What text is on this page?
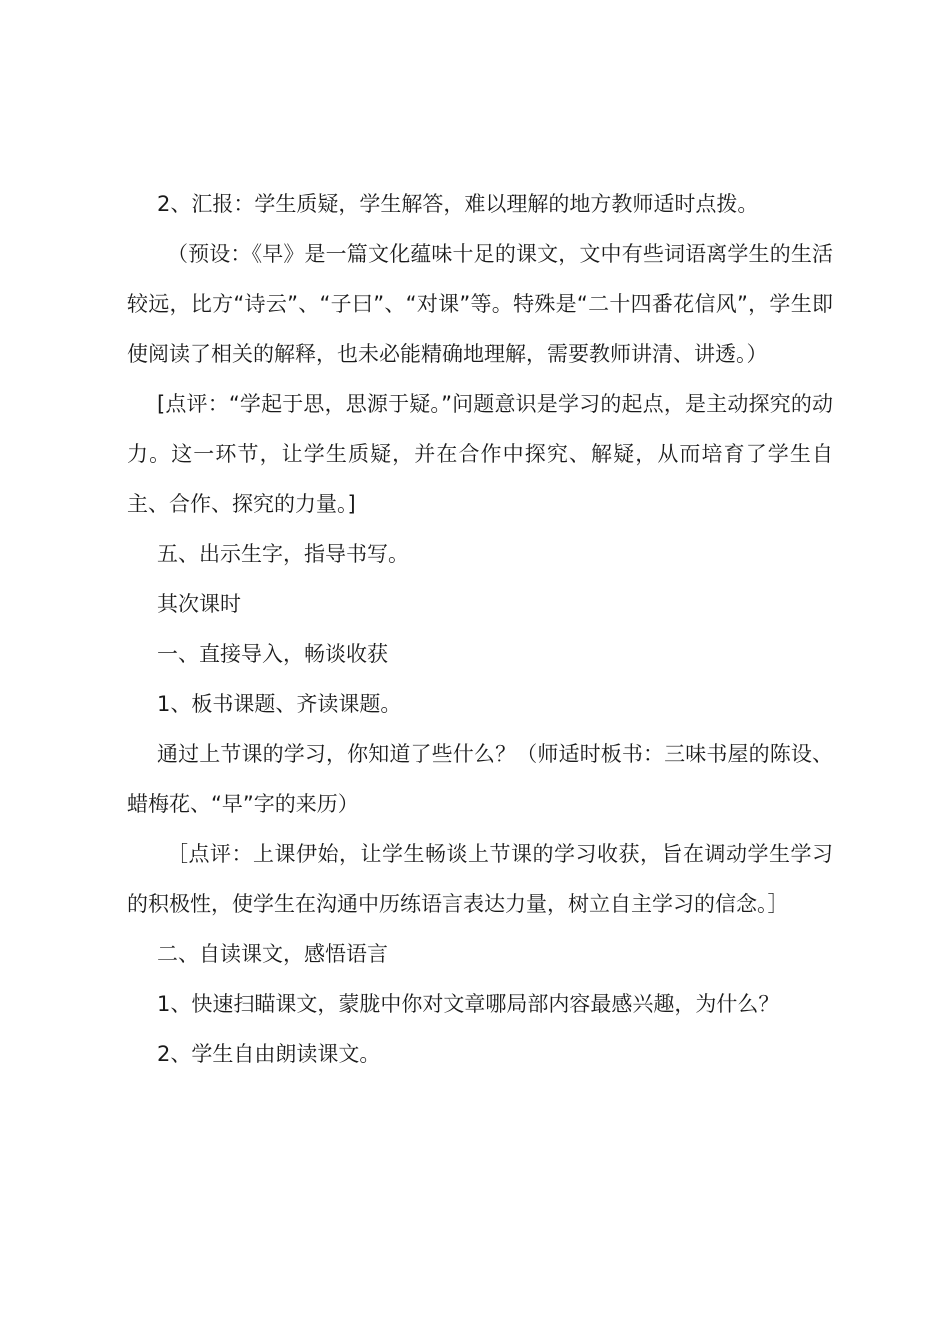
2、汇报：学生质疑，学生解答，难以理解的地方教师适时点拨。

（预设：《早》是一篇文化蕴味十足的课文，文中有些词语离学生的生活较远，比方“诗云”、“子曰”、“对课”等。特殊是“二十四番花信风”，学生即使阅读了相关的解释，也未必能精确地理解，需要教师讲清、讲透。）

[点评：“学起于思，思源于疑。”问题意识是学习的起点，是主动探究的动力。这一环节，让学生质疑，并在合作中探究、解疑，从而培育了学生自主、合作、探究的力量。]

五、出示生字，指导书写。

其次课时

一、直接导入，畅谈收获

1、板书课题、齐读课题。

通过上节课的学习，你知道了些什么？（师适时板书：三味书屋的陈设、蜡梅花、“早”字的来历）

［点评：上课伊始，让学生畅谈上节课的学习收获，旨在调动学生学习的积极性，使学生在沟通中历练语言表达力量，树立自主学习的信念。］

二、自读课文，感悟语言

1、快速扫瞄课文，蒙胧中你对文章哪局部内容最感兴趣，为什么？

2、学生自由朗读课文。
